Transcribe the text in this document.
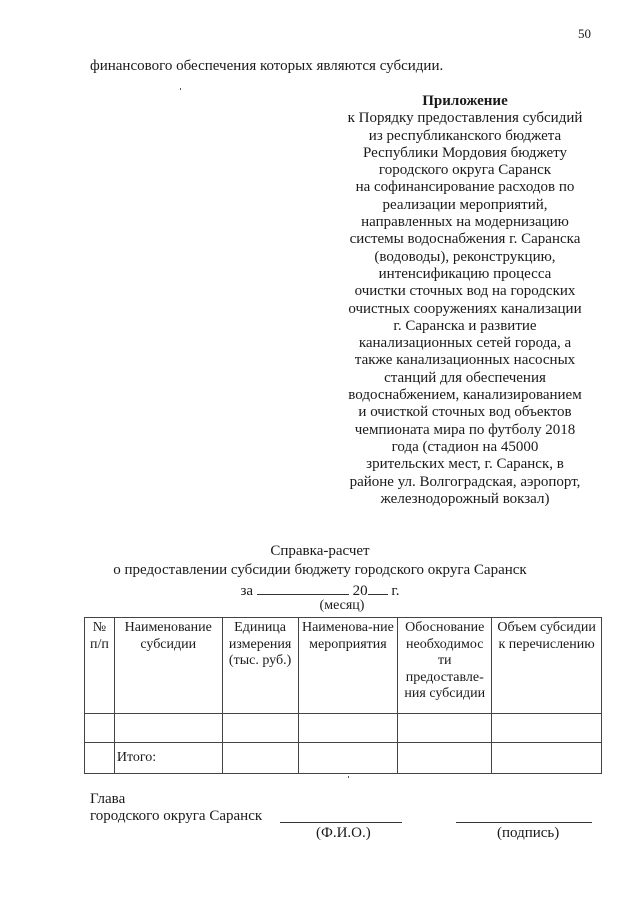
50
финансового обеспечения которых являются субсидии.
Приложение
к Порядку предоставления субсидий
из республиканского бюджета
Республики Мордовия бюджету
городского округа Саранск
на софинансирование расходов по
реализации мероприятий,
направленных на модернизацию
системы водоснабжения г. Саранска
(водоводы), реконструкцию,
интенсификацию процесса
очистки сточных вод на городских
очистных сооружениях канализации
г. Саранска и развитие
канализационных сетей города, а
также канализационных насосных
станций для обеспечения
водоснабжением, канализированием
и очисткой сточных вод объектов
чемпионата мира по футболу 2018
года (стадион на 45000
зрительских мест, г. Саранск, в
районе ул. Волгоградская, аэропорт,
железнодорожный вокзал)
Справка-расчет
о предоставлении субсидии бюджету городского округа Саранск
за	20 г.
(месяц)
№ п/п	Наименование субсидии	Единица измерения (тыс. руб.)	Наименова-ние мероприятия	Обоснование необходимос ти предоставле-ния субсидии	Объем субсидии к перечислению

	Итого:				
Глава
городского округа Саранск
(Ф.И.О.)	(подпись)
